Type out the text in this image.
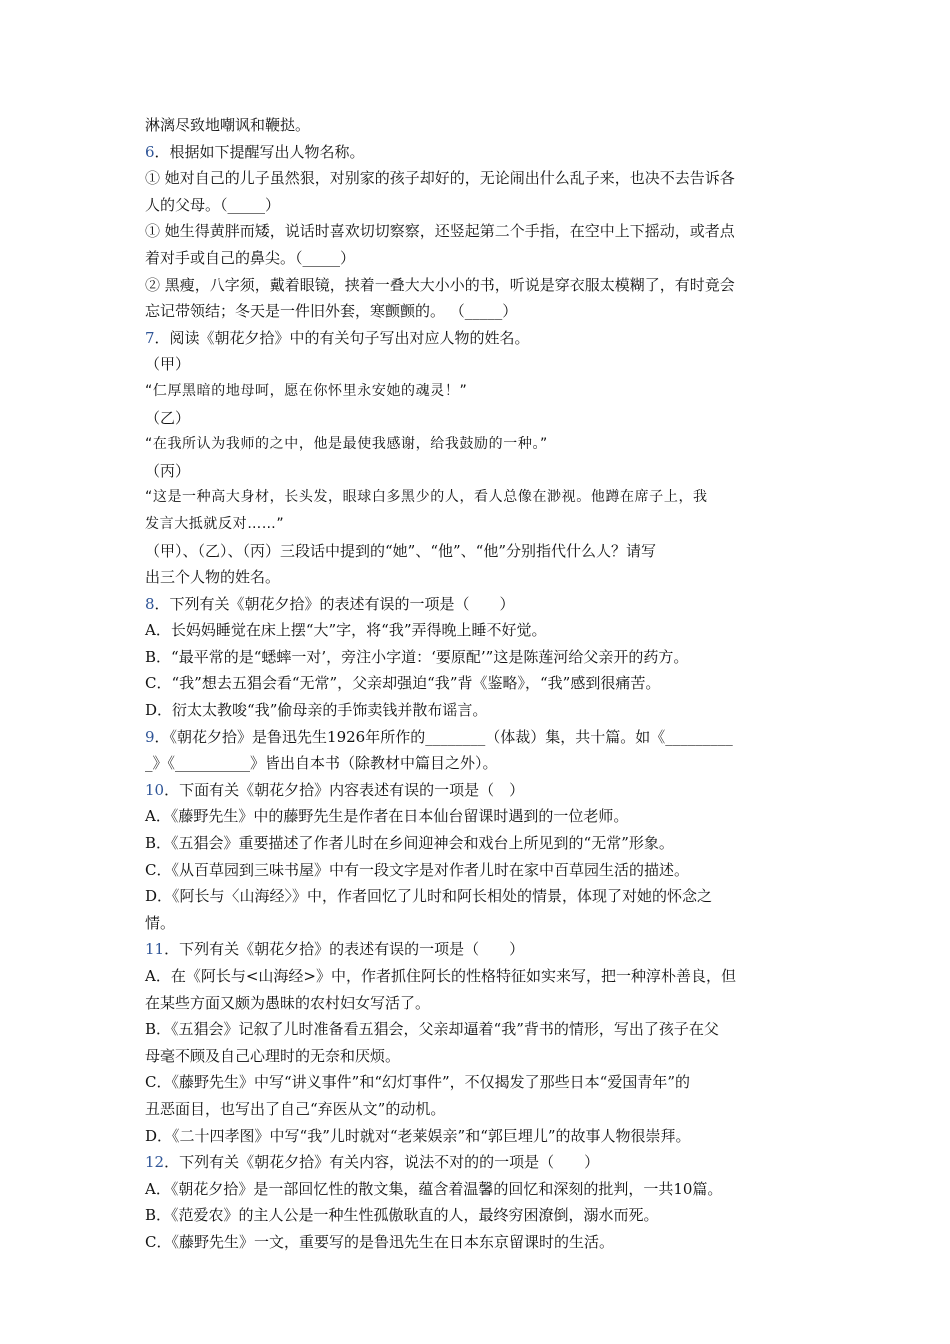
淋漓尽致地嘲讽和鞭挞。
6．根据如下提醒写出人物名称。
① 她对自己的儿子虽然狠，对别家的孩子却好的，无论闹出什么乱子来，也决不去告诉各
人的父母。（_____）
① 她生得黄胖而矮，说话时喜欢切切察察，还竖起第二个手指，在空中上下摇动，或者点
着对手或自己的鼻尖。（_____）
② 黑瘦，八字须，戴着眼镜，挟着一叠大大小小的书，听说是穿衣服太模糊了，有时竟会
忘记带领结；冬天是一件旧外套，寒颤颤的。 （_____）
7．阅读《朝花夕拾》中的有关句子写出对应人物的姓名。
（甲）
“仁厚黑暗的地母呵，愿在你怀里永安她的魂灵！”
（乙）
“在我所认为我师的之中，他是最使我感谢，给我鼓励的一种。”
（丙）
“这是一种高大身材，长头发，眼球白多黑少的人，看人总像在渺视。他蹲在席子上，我
发言大抵就反对……”
（甲）、（乙）、（丙）三段话中提到的“她”、“他”、“他”分别指代什么人？请写
出三个人物的姓名。
8．下列有关《朝花夕拾》的表述有误的一项是（　　）
A．长妈妈睡觉在床上摆“大”字，将“我”弄得晚上睡不好觉。
B．“最平常的是“蟋蟀一对’，旁注小字道：‘要原配’”这是陈莲河给父亲开的药方。
C．“我”想去五猖会看“无常”，父亲却强迫“我”背《鉴略》，“我”感到很痛苦。
D．衍太太教唆“我”偷母亲的手饰卖钱并散布谣言。
9．《朝花夕拾》是鲁迅先生1926年所作的________（体裁）集，共十篇。如《_________
_》《__________》皆出自本书（除教材中篇目之外）。
10．下面有关《朝花夕拾》内容表述有误的一项是（　）
A．《藤野先生》中的藤野先生是作者在日本仙台留课时遇到的一位老师。
B．《五猖会》重要描述了作者儿时在乡间迎神会和戏台上所见到的“无常”形象。
C．《从百草园到三味书屋》中有一段文字是对作者儿时在家中百草园生活的描述。
D．《阿长与〈山海经〉》中，作者回忆了儿时和阿长相处的情景，体现了对她的怀念之
情。
11．下列有关《朝花夕拾》的表述有误的一项是（　　）
A．在《阿长与<山海经>》中，作者抓住阿长的性格特征如实来写，把一种淳朴善良，但
在某些方面又颇为愚昧的农村妇女写活了。
B．《五猖会》记叙了儿时准备看五猖会，父亲却逼着“我”背书的情形，写出了孩子在父
母毫不顾及自己心理时的无奈和厌烦。
C．《藤野先生》中写“讲义事件”和“幻灯事件”，不仅揭发了那些日本“爱国青年”的
丑恶面目，也写出了自己“弃医从文”的动机。
D．《二十四孝图》中写“我”儿时就对“老莱娱亲”和“郭巨埋儿”的故事人物很崇拜。
12．下列有关《朝花夕拾》有关内容，说法不对的的一项是（　　）
A．《朝花夕拾》是一部回忆性的散文集，蕴含着温馨的回忆和深刻的批判，一共10篇。
B．《范爱农》的主人公是一种生性孤傲耿直的人，最终穷困潦倒，溺水而死。
C．《藤野先生》一文，重要写的是鲁迅先生在日本东京留课时的生活。
